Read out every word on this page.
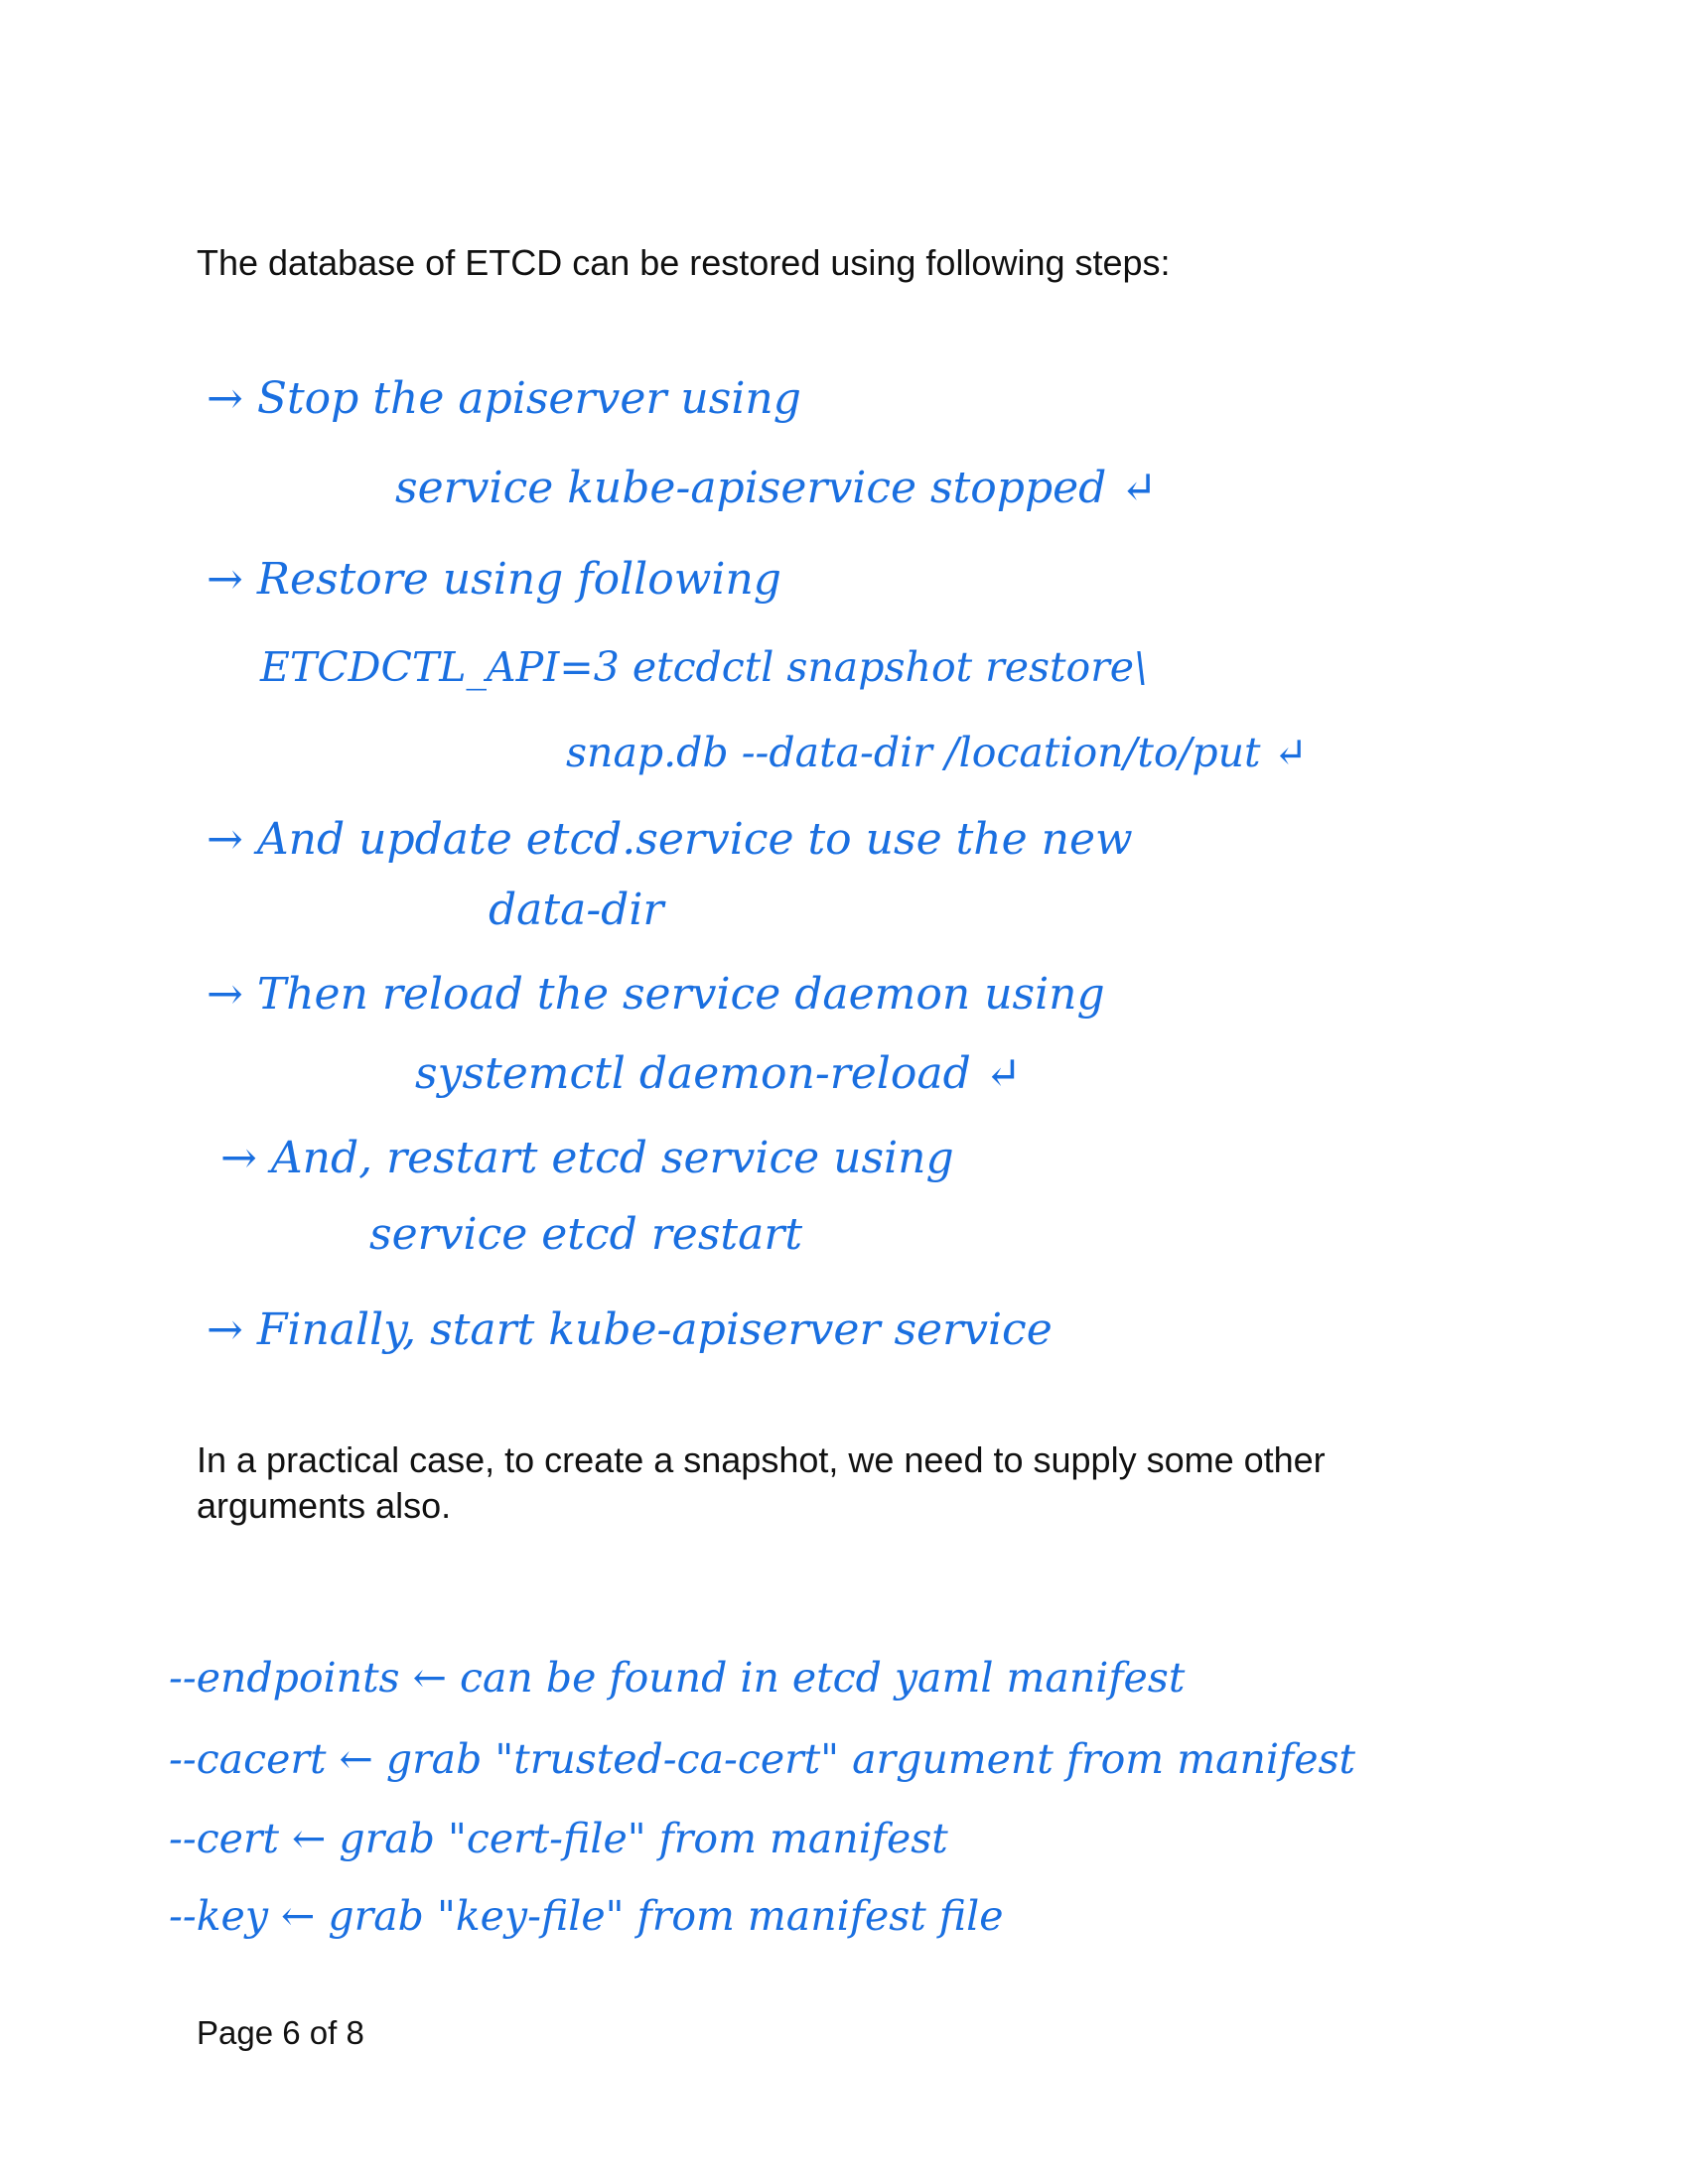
The database of ETCD can be restored using following steps:

→ Stop the apiserver using

service kube-apiservice stopped ↵

→ Restore using following

ETCDCTL_API=3 etcdctl snapshot restore\

snap.db --data-dir /location/to/put ↵

→ And update etcd.service to use the new

data-dir

→ Then reload the service daemon using

systemctl daemon-reload ↵

→ And, restart etcd service using

service etcd restart

→ Finally, start kube-apiserver service

In a practical case, to create a snapshot, we need to supply some other arguments also.

--endpoints ← can be found in etcd yaml manifest

--cacert ← grab "trusted-ca-cert" argument from manifest

--cert ← grab "cert-file" from manifest

--key ← grab "key-file" from manifest file

Page 6 of 8
